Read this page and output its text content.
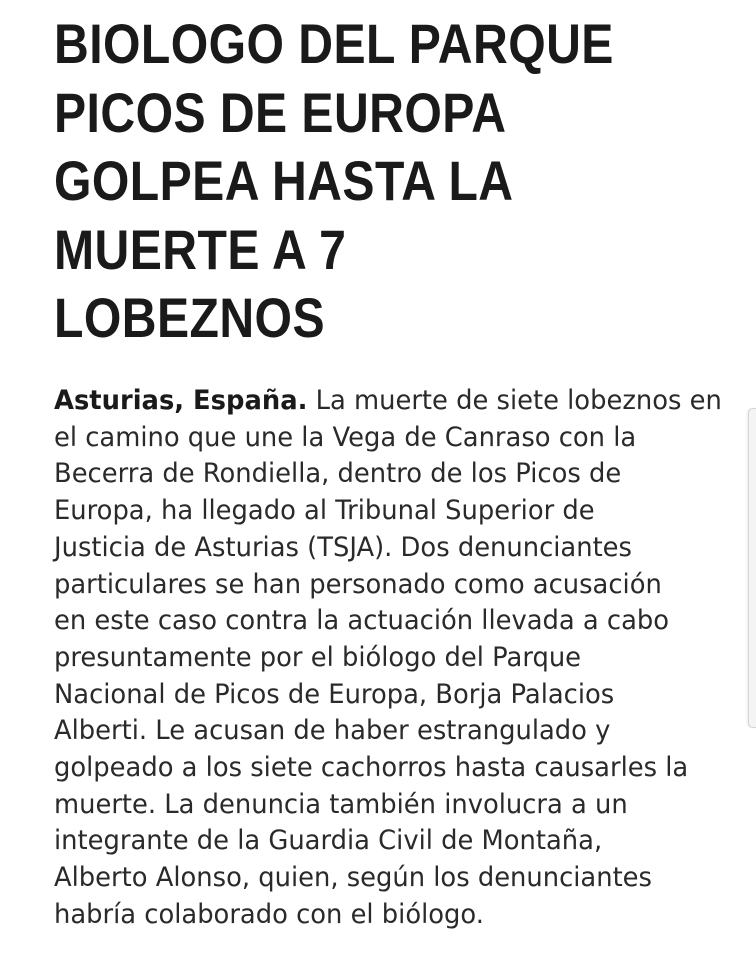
BIOLOGO DEL PARQUE
PICOS DE EUROPA
GOLPEA HASTA LA
MUERTE A 7
LOBEZNOS

Asturias, España. La muerte de siete lobeznos en
el camino que une la Vega de Canraso con la
Becerra de Rondiella, dentro de los Picos de
Europa, ha llegado al Tribunal Superior de
Justicia de Asturias (TSJA). Dos denunciantes
particulares se han personado como acusación
en este caso contra la actuación llevada a cabo
presuntamente por el biólogo del Parque
Nacional de Picos de Europa, Borja Palacios
Alberti. Le acusan de haber estrangulado y
golpeado a los siete cachorros hasta causarles la
muerte. La denuncia también involucra a un
integrante de la Guardia Civil de Montaña,
Alberto Alonso, quien, según los denunciantes
habría colaborado con el biólogo.
